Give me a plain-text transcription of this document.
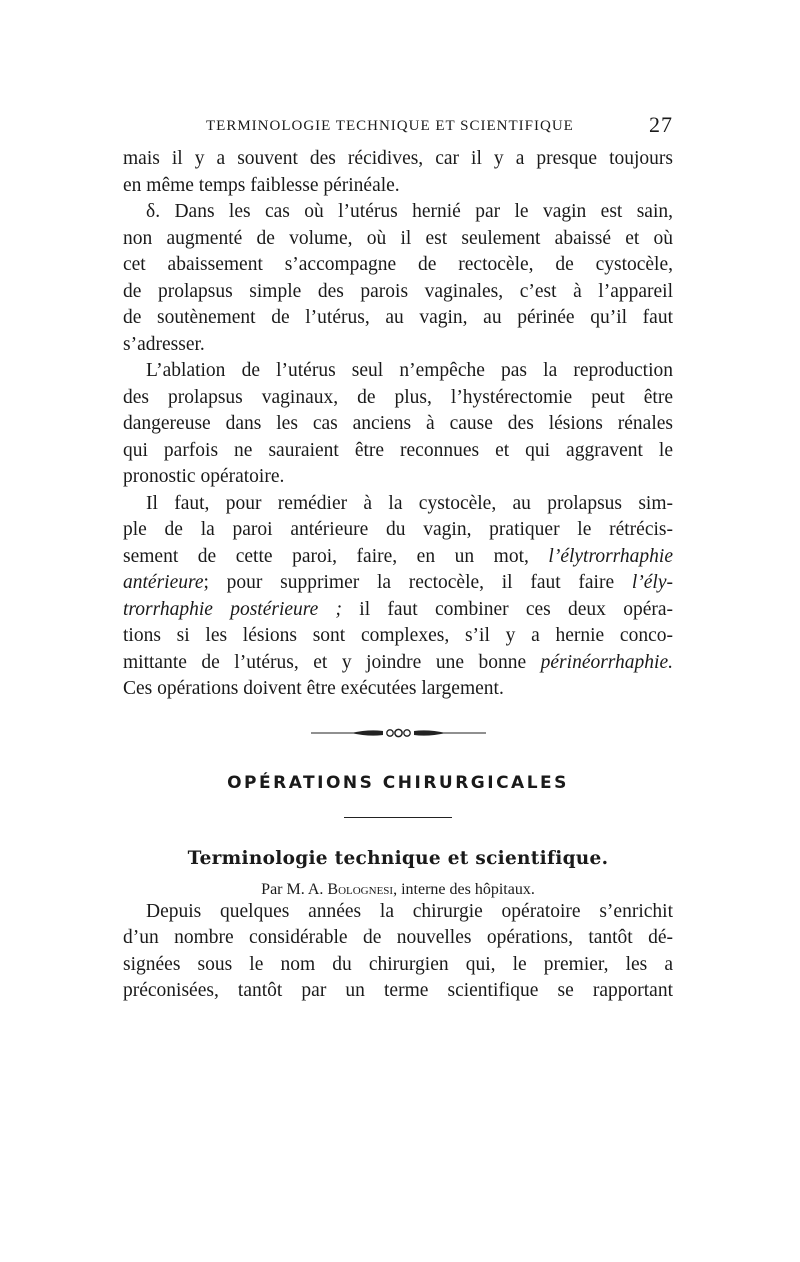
TERMINOLOGIE TECHNIQUE ET SCIENTIFIQUE	27

mais il y a souvent des récidives, car il y a presque toujours
en même temps faiblesse périnéale.

δ. Dans les cas où l’utérus hernié par le vagin est sain,
non augmenté de volume, où il est seulement abaissé et où
cet abaissement s’accompagne de rectocèle, de cystocèle,
de prolapsus simple des parois vaginales, c’est à l’appareil
de soutènement de l’utérus, au vagin, au périnée qu’il faut
s’adresser.

L’ablation de l’utérus seul n’empêche pas la reproduction
des prolapsus vaginaux, de plus, l’hystérectomie peut être
dangereuse dans les cas anciens à cause des lésions rénales
qui parfois ne sauraient être reconnues et qui aggravent le
pronostic opératoire.

Il faut, pour remédier à la cystocèle, au prolapsus sim-
ple de la paroi antérieure du vagin, pratiquer le rétrécis-
sement de cette paroi, faire, en un mot, l’élytrorrhaphie
antérieure; pour supprimer la rectocèle, il faut faire l’ély-
trorrhaphie postérieure ; il faut combiner ces deux opéra-
tions si les lésions sont complexes, s’il y a hernie conco-
mittante de l’utérus, et y joindre une bonne périnéorrhaphie.
Ces opérations doivent être exécutées largement.

OPÉRATIONS CHIRURGICALES
Terminologie technique et scientifique.
Par M. A. Bolognesi, interne des hôpitaux.

Depuis quelques années la chirurgie opératoire s’enrichit
d’un nombre considérable de nouvelles opérations, tantôt dé-
signées sous le nom du chirurgien qui, le premier, les a
préconisées, tantôt par un terme scientifique se rapportant
